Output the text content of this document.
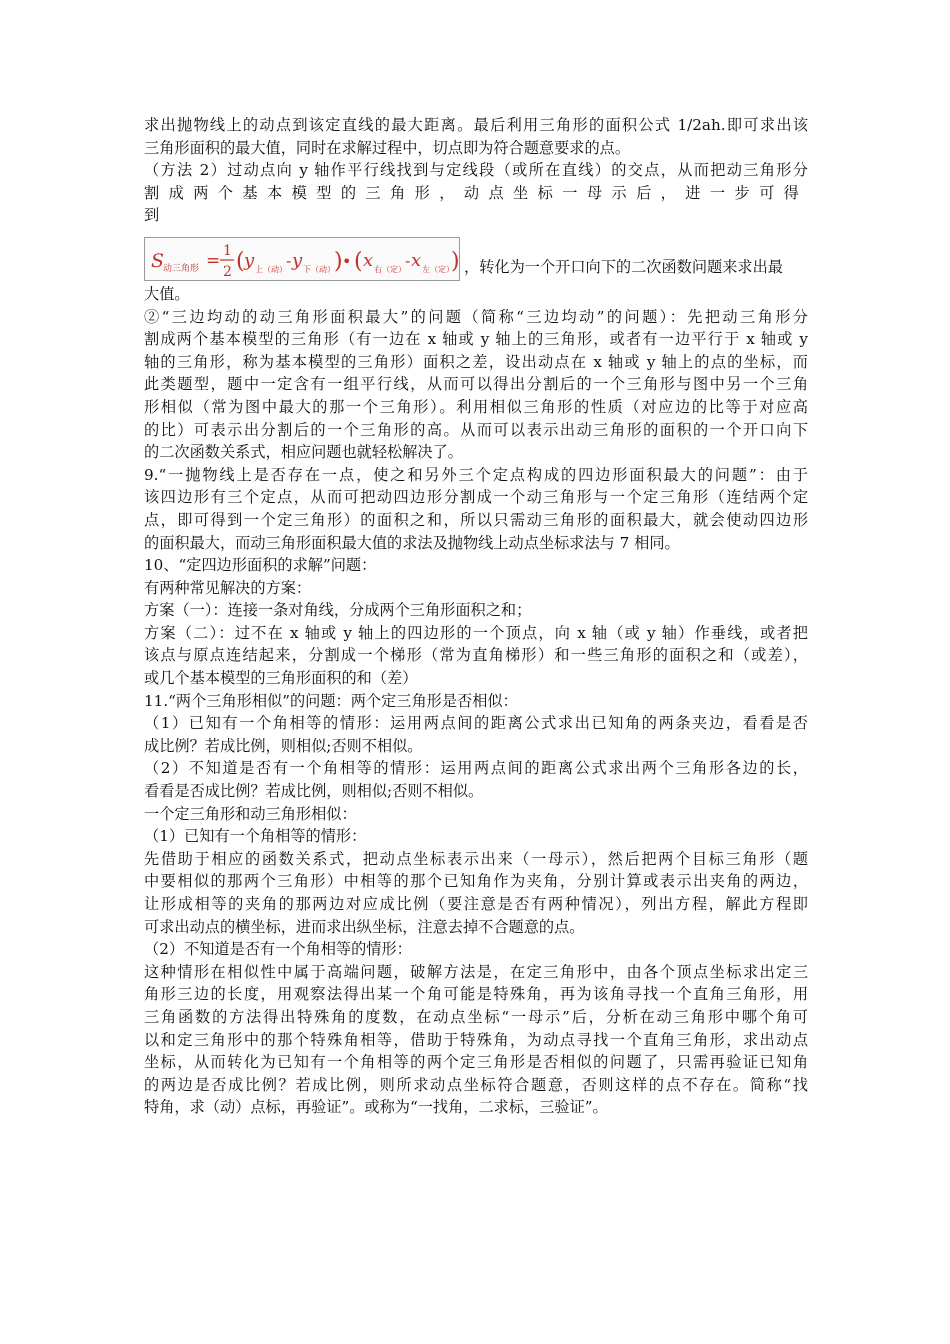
求出抛物线上的动点到该定直线的最大距离。最后利用三角形的面积公式 1/2ah.即可求出该
三角形面积的最大值，同时在求解过程中，切点即为符合题意要求的点。
（方法 2）过动点向 y 轴作平行线找到与定线段（或所在直线）的交点，从而把动三角形分
割成两个基本模型的三角形，动点坐标一母示后，进一步可得到
S
动三角形 = 1
2 ( y 上（动） - y 下（动） ) • ( x 右（定） - x 左（定）
) ，转化为一个开口向下的二次函数问题来求出最
大值。
②“三边均动的动三角形面积最大”的问题（简称“三边均动”的问题）：先把动三角形分
割成两个基本模型的三角形（有一边在 x 轴或 y 轴上的三角形，或者有一边平行于 x 轴或 y
轴的三角形，称为基本模型的三角形）面积之差，设出动点在 x 轴或 y 轴上的点的坐标，而
此类题型，题中一定含有一组平行线，从而可以得出分割后的一个三角形与图中另一个三角
形相似（常为图中最大的那一个三角形）。利用相似三角形的性质（对应边的比等于对应高
的比）可表示出分割后的一个三角形的高。从而可以表示出动三角形的面积的一个开口向下
的二次函数关系式，相应问题也就轻松解决了。
9.“一抛物线上是否存在一点，使之和另外三个定点构成的四边形面积最大的问题”：由于
该四边形有三个定点，从而可把动四边形分割成一个动三角形与一个定三角形（连结两个定
点，即可得到一个定三角形）的面积之和，所以只需动三角形的面积最大，就会使动四边形
的面积最大，而动三角形面积最大值的求法及抛物线上动点坐标求法与 7 相同。
10、“定四边形面积的求解”问题：
有两种常见解决的方案：
方案（一）：连接一条对角线，分成两个三角形面积之和；
方案（二）：过不在 x 轴或 y 轴上的四边形的一个顶点，向 x 轴（或 y 轴）作垂线，或者把
该点与原点连结起来，分割成一个梯形（常为直角梯形）和一些三角形的面积之和（或差），
或几个基本模型的三角形面积的和（差）
11.“两个三角形相似”的问题：两个定三角形是否相似：
（1）已知有一个角相等的情形：运用两点间的距离公式求出已知角的两条夹边，看看是否
成比例？若成比例，则相似;否则不相似。
（2）不知道是否有一个角相等的情形：运用两点间的距离公式求出两个三角形各边的长，
看看是否成比例？若成比例，则相似;否则不相似。
一个定三角形和动三角形相似：
（1）已知有一个角相等的情形：
先借助于相应的函数关系式，把动点坐标表示出来（一母示），然后把两个目标三角形（题
中要相似的那两个三角形）中相等的那个已知角作为夹角，分别计算或表示出夹角的两边，
让形成相等的夹角的那两边对应成比例（要注意是否有两种情况），列出方程，解此方程即
可求出动点的横坐标，进而求出纵坐标，注意去掉不合题意的点。
（2）不知道是否有一个角相等的情形：
这种情形在相似性中属于高端问题，破解方法是，在定三角形中，由各个顶点坐标求出定三
角形三边的长度，用观察法得出某一个角可能是特殊角，再为该角寻找一个直角三角形，用
三角函数的方法得出特殊角的度数，在动点坐标“一母示”后，分析在动三角形中哪个角可
以和定三角形中的那个特殊角相等，借助于特殊角，为动点寻找一个直角三角形，求出动点
坐标，从而转化为已知有一个角相等的两个定三角形是否相似的问题了，只需再验证已知角
的两边是否成比例？若成比例，则所求动点坐标符合题意，否则这样的点不存在。简称“找
特角，求（动）点标，再验证”。或称为“一找角，二求标，三验证”。
